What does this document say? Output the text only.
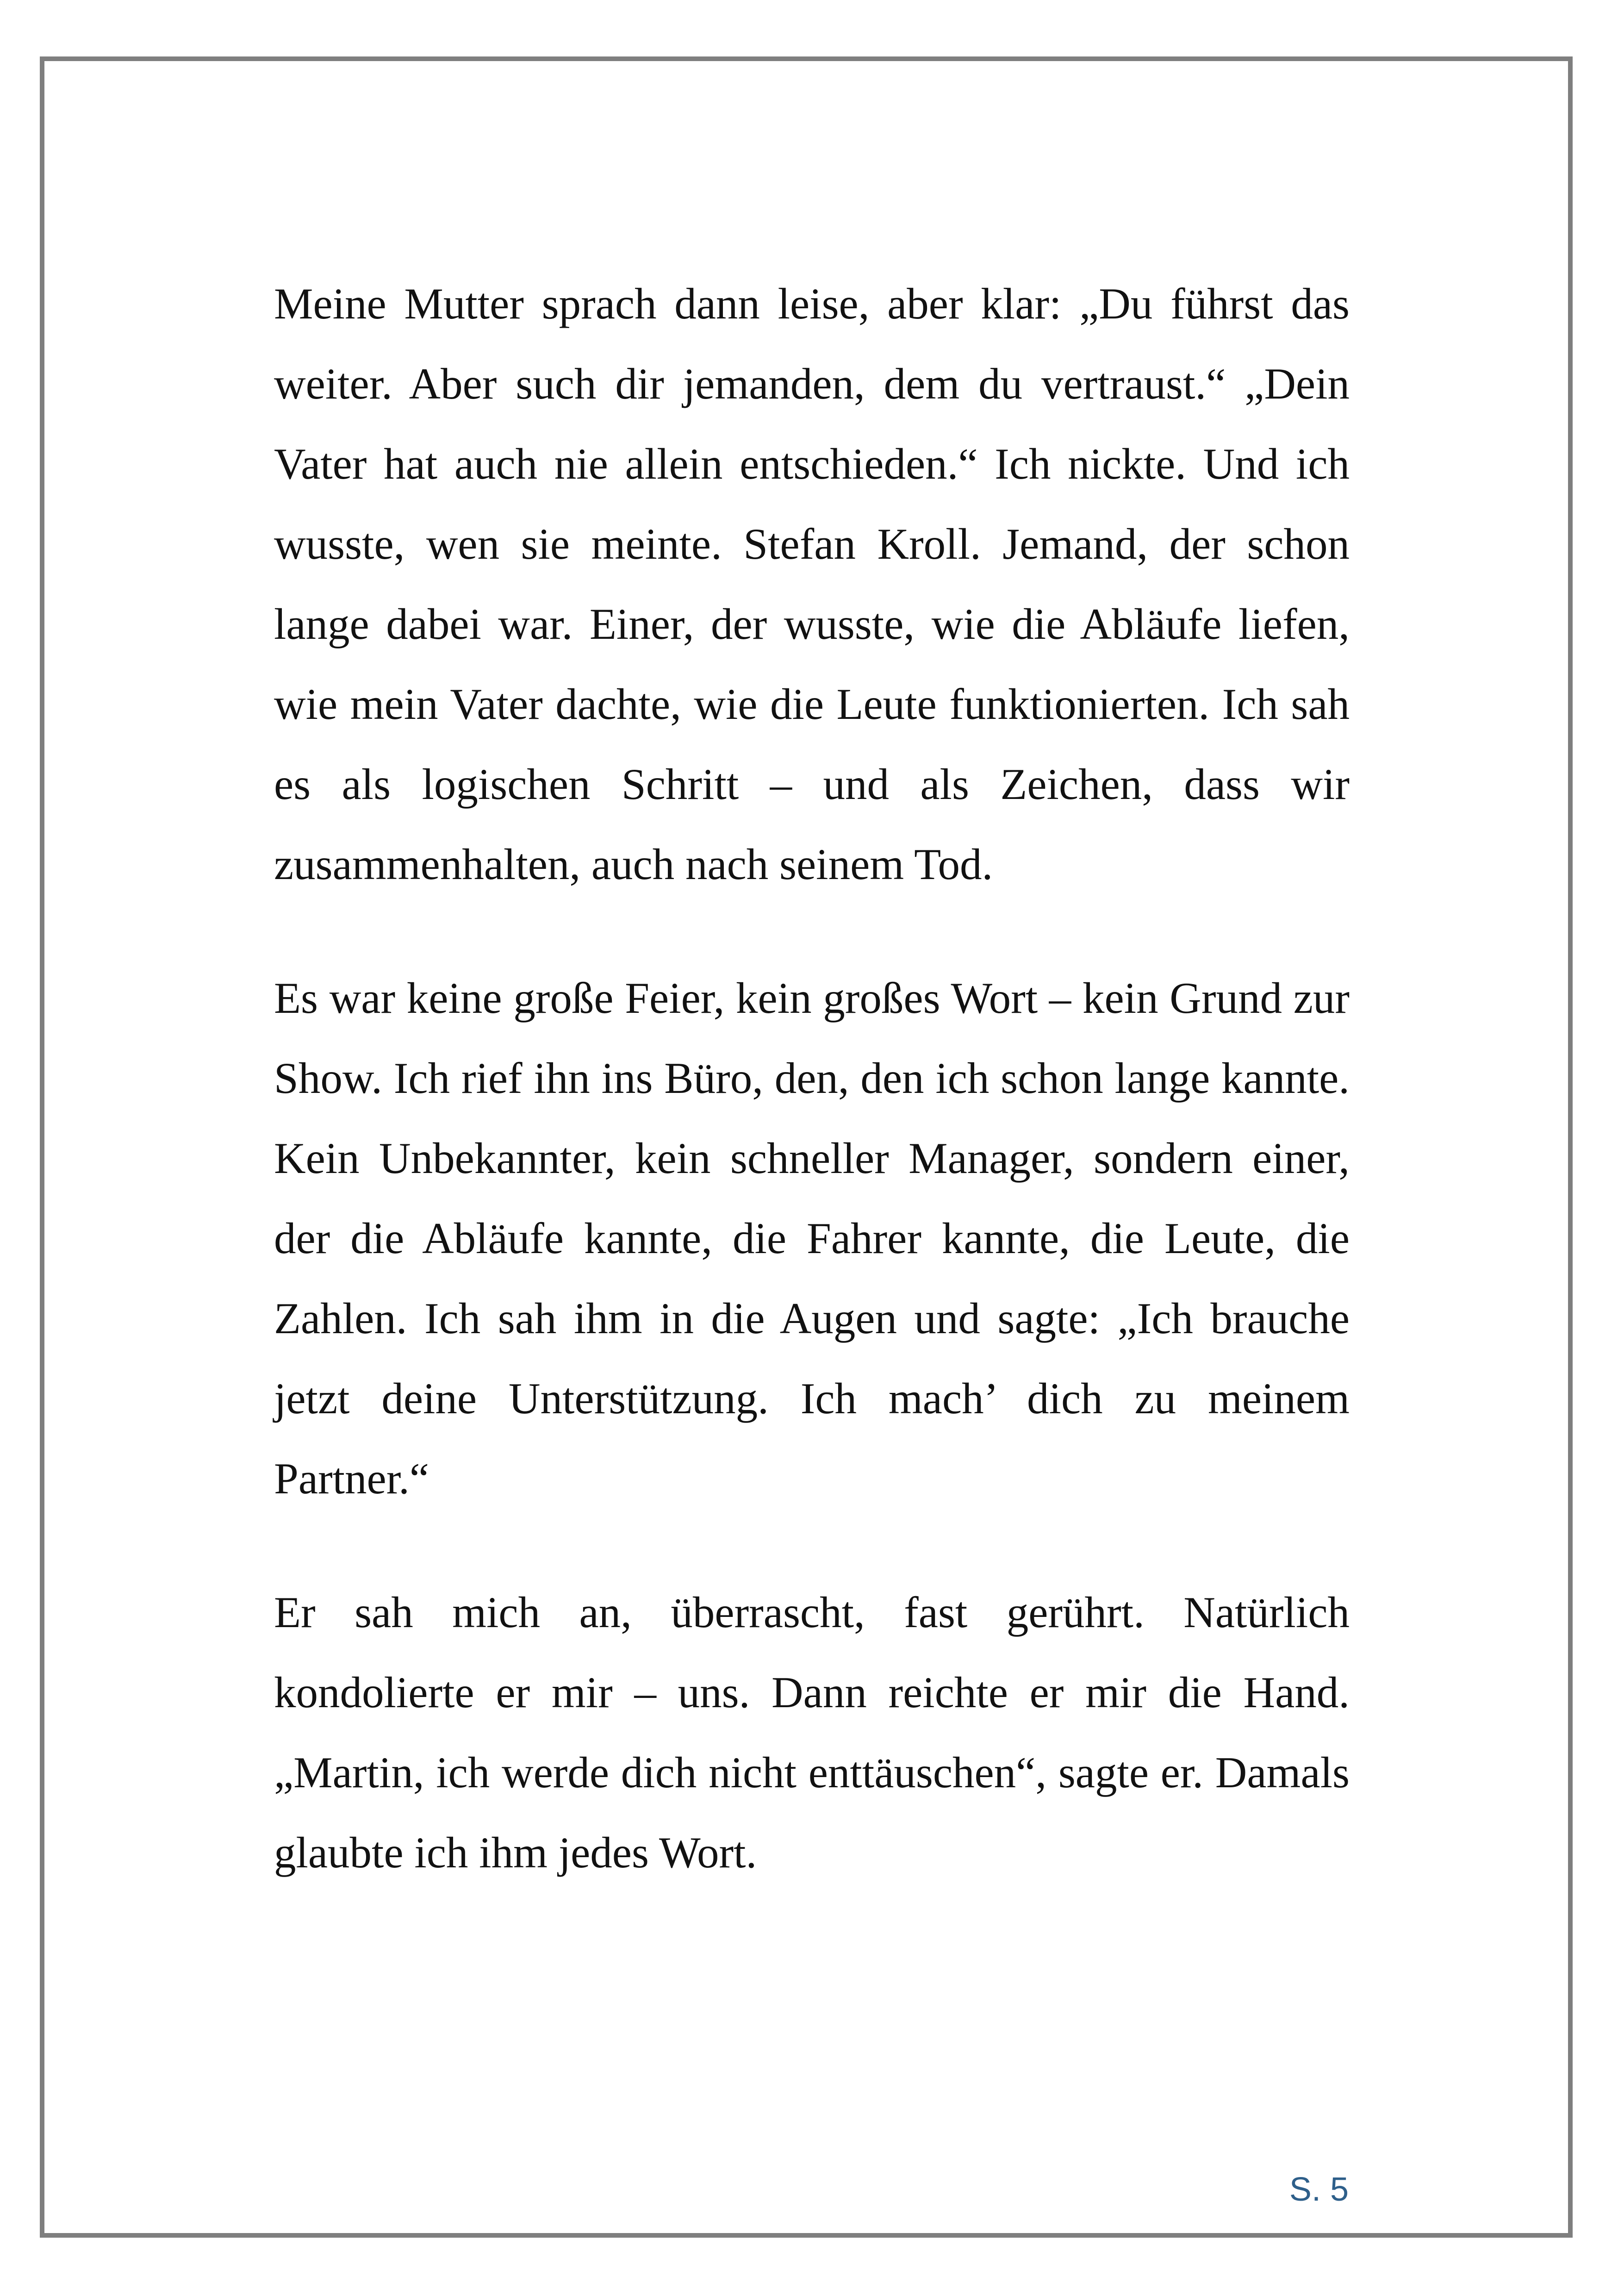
Meine Mutter sprach dann leise, aber klar: „Du führst das weiter. Aber such dir jemanden, dem du vertraust.“ „Dein Vater hat auch nie allein entschieden.“ Ich nickte. Und ich wusste, wen sie meinte. Stefan Kroll. Jemand, der schon lange dabei war. Einer, der wusste, wie die Abläufe liefen, wie mein Vater dachte, wie die Leute funktionierten. Ich sah es als logischen Schritt – und als Zeichen, dass wir zusammenhalten, auch nach seinem Tod.

Es war keine große Feier, kein großes Wort – kein Grund zur Show. Ich rief ihn ins Büro, den, den ich schon lange kannte. Kein Unbekannter, kein schneller Manager, sondern einer, der die Abläufe kannte, die Fahrer kannte, die Leute, die Zahlen. Ich sah ihm in die Augen und sagte: „Ich brauche jetzt deine Unterstützung. Ich mach’ dich zu meinem Partner.“

Er sah mich an, überrascht, fast gerührt. Natürlich kondolierte er mir – uns. Dann reichte er mir die Hand. „Martin, ich werde dich nicht enttäuschen“, sagte er. Damals glaubte ich ihm jedes Wort.

S. 5
